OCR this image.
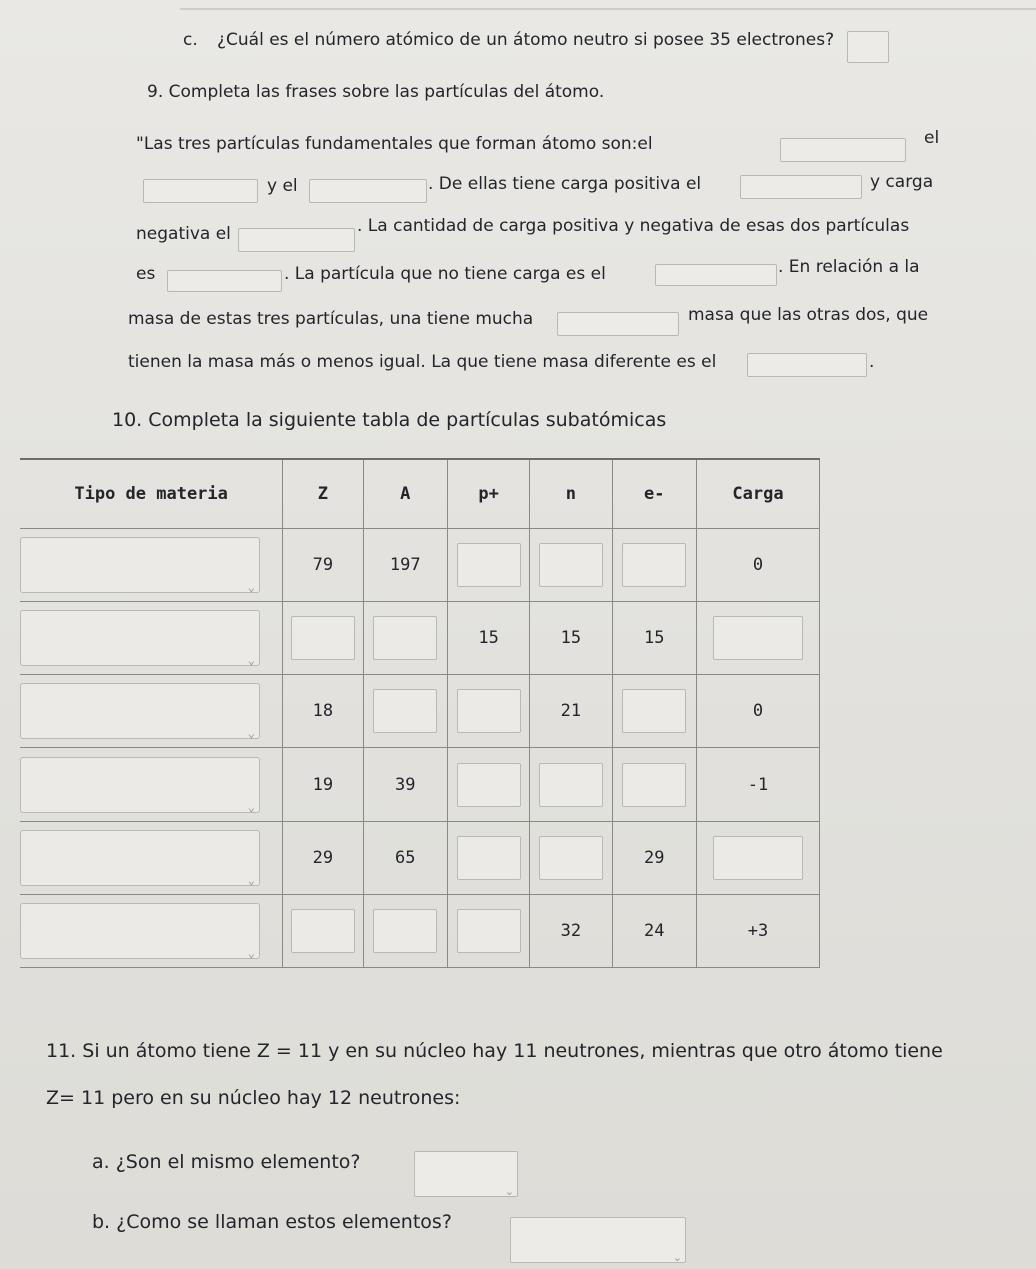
c. ¿Cuál es el número atómico de un átomo neutro si posee 35 electrones?
9. Completa las frases sobre las partículas del átomo.
"Las tres partículas fundamentales que forman átomo son:el	el
y el	. De ellas tiene carga positiva el	y carga
negativa el	. La cantidad de carga positiva y negativa de esas dos partículas
es	. La partícula que no tiene carga es el	. En relación a la
masa de estas tres partículas, una tiene mucha	masa que las otras dos, que
tienen la masa más o menos igual. La que tiene masa diferente es el	.
10. Completa la siguiente tabla de partículas subatómicas
Tipo de materia	Z	A	p+	n	e-	Carga

⌄
	79	197				0

⌄
			15	15	15	

⌄
	18			21		0

⌄
	19	39				-1

⌄
	29	65			29	

⌄
				32	24	+3
11. Si un átomo tiene Z = 11 y en su núcleo hay 11 neutrones, mientras que otro átomo tiene
Z= 11 pero en su núcleo hay 12 neutrones:
a. ¿Son el mismo elemento?
⌄
b. ¿Como se llaman estos elementos?
⌄
